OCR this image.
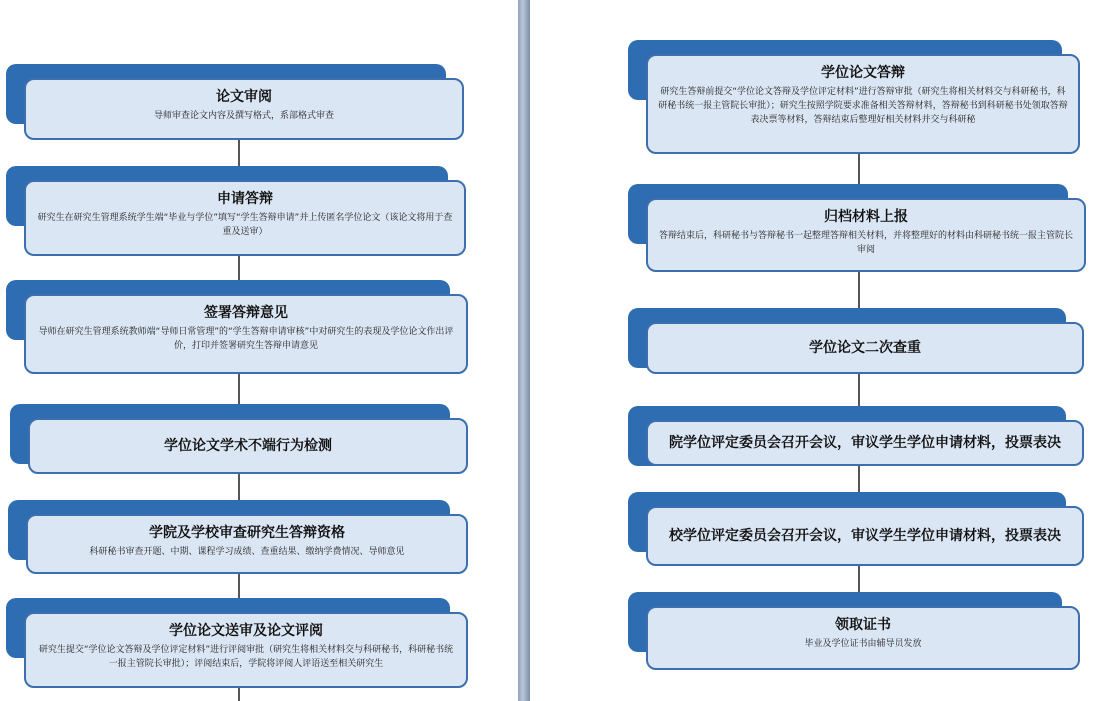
论文审阅
导师审查论文内容及撰写格式，系部格式审查
申请答辩
研究生在研究生管理系统学生端“毕业与学位”填写“学生答辩申请”并上传匿名学位论文（该论文将用于查重及送审）
签署答辩意见
导师在研究生管理系统教师端“导师日常管理”的“学生答辩申请审核”中对研究生的表现及学位论文作出评价，打印并签署研究生答辩申请意见
学位论文学术不端行为检测
学院及学校审查研究生答辩资格
科研秘书审查开题、中期、课程学习成绩、查重结果、缴纳学费情况、导师意见
学位论文送审及论文评阅
研究生提交“学位论文答辩及学位评定材料”进行评阅审批（研究生将相关材料交与科研秘书，科研秘书统一报主管院长审批）；评阅结束后，学院将评阅人评语送至相关研究生
学位论文答辩
研究生答辩前提交“学位论文答辩及学位评定材料”进行答辩审批（研究生将相关材料交与科研秘书，科研秘书统一报主管院长审批）；研究生按照学院要求准备相关答辩材料，答辩秘书到科研秘书处领取答辩表决票等材料，答辩结束后整理好相关材料并交与科研秘
归档材料上报
答辩结束后，科研秘书与答辩秘书一起整理答辩相关材料，并将整理好的材料由科研秘书统一报主管院长审阅
学位论文二次查重
院学位评定委员会召开会议，审议学生学位申请材料，投票表决
校学位评定委员会召开会议，审议学生学位申请材料，投票表决
领取证书
毕业及学位证书由辅导员发放
